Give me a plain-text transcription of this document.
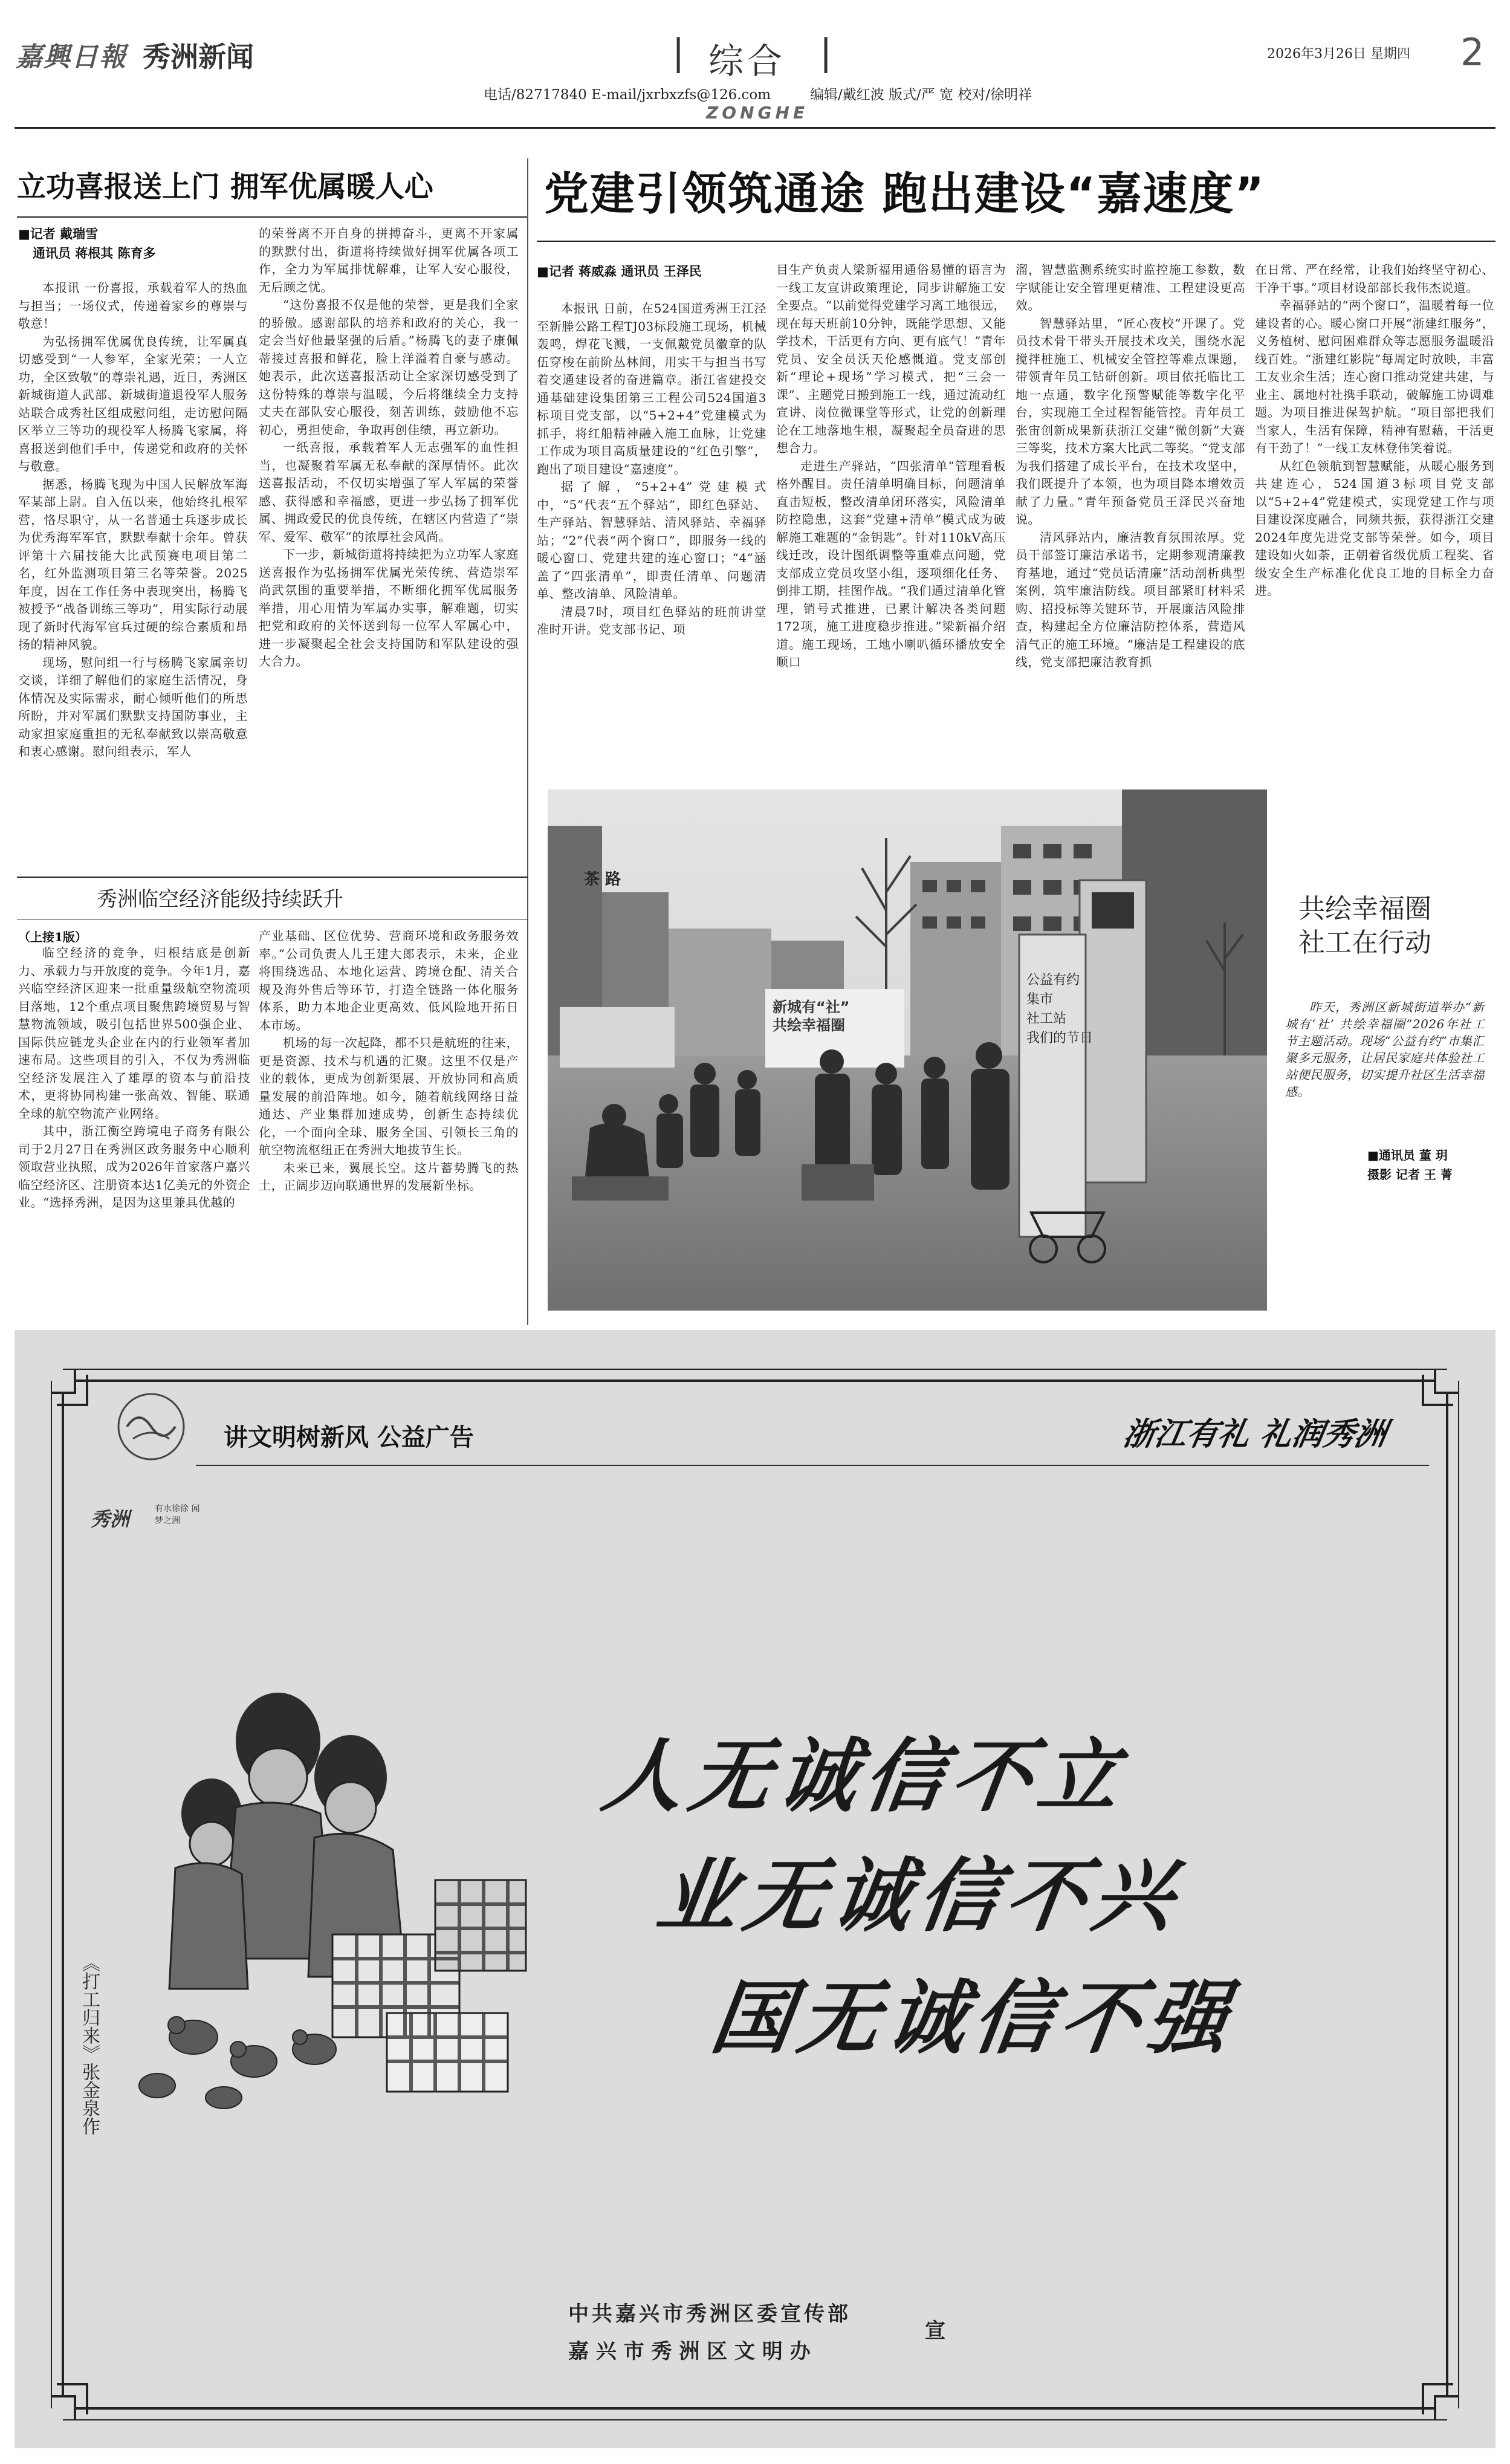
嘉興日報 秀洲新闻	| 综合 |	2026年3月26日 星期四 2
电话/82717840 E-mail/jxrbxzfs@126.com	编辑/戴红波 版式/严 宽 校对/徐明祥
ZONGHE
立功喜报送上门 拥军优属暖人心
■记者 戴瑞雪
通讯员 蒋根其 陈育多

本报讯 一份喜报，承载着军人的热血与担当；一场仪式，传递着家乡的尊崇与敬意！

为弘扬拥军优属优良传统，让军属真切感受到“一人参军，全家光荣；一人立功，全区致敬”的尊崇礼遇，近日，秀洲区新城街道人武部、新城街道退役军人服务站联合成秀社区组成慰问组，走访慰问隔区举立三等功的现役军人杨腾飞家属，将喜报送到他们手中，传递党和政府的关怀与敬意。

据悉，杨腾飞现为中国人民解放军海军某部上尉。自入伍以来，他始终扎根军营，恪尽职守，从一名普通士兵逐步成长为优秀海军军官，默默奉献十余年。曾获评第十六届技能大比武预赛电项目第二名，红外监测项目第三名等荣誉。2025年度，因在工作任务中表现突出，杨腾飞被授予“战备训练三等功”，用实际行动展现了新时代海军官兵过硬的综合素质和昂扬的精神风貌。

现场，慰问组一行与杨腾飞家属亲切交谈，详细了解他们的家庭生活情况，身体情况及实际需求，耐心倾听他们的所思所盼，并对军属们默默支持国防事业，主动家担家庭重担的无私奉献致以崇高敬意和衷心感谢。慰问组表示，军人

的荣誉离不开自身的拼搏奋斗，更离不开家属的默默付出，街道将持续做好拥军优属各项工作，全力为军属排忧解难，让军人安心服役，无后顾之忧。

“这份喜报不仅是他的荣誉，更是我们全家的骄傲。感谢部队的培养和政府的关心，我一定会当好他最坚强的后盾。”杨腾飞的妻子康佩蒂接过喜报和鲜花，脸上洋溢着自豪与感动。她表示，此次送喜报活动让全家深切感受到了这份特殊的尊崇与温暖，今后将继续全力支持丈夫在部队安心服役，刻苦训练，鼓励他不忘初心，勇担使命，争取再创佳绩，再立新功。

一纸喜报，承载着军人无志强军的血性担当，也凝聚着军属无私奉献的深厚情怀。此次送喜报活动，不仅切实增强了军人军属的荣誉感、获得感和幸福感，更进一步弘扬了拥军优属、拥政爱民的优良传统，在辖区内营造了“崇军、爱军、敬军”的浓厚社会风尚。

下一步，新城街道将持续把为立功军人家庭送喜报作为弘扬拥军优属光荣传统、营造崇军尚武氛围的重要举措，不断细化拥军优属服务举措，用心用情为军属办实事，解难题，切实把党和政府的关怀送到每一位军人军属心中，进一步凝聚起全社会支持国防和军队建设的强大合力。

秀洲临空经济能级持续跃升
（上接1版）

临空经济的竞争，归根结底是创新力、承载力与开放度的竞争。今年1月，嘉兴临空经济区迎来一批重量级航空物流项目落地，12个重点项目聚焦跨境贸易与智慧物流领域，吸引包括世界500强企业、国际供应链龙头企业在内的行业领军者加速布局。这些项目的引入，不仅为秀洲临空经济发展注入了雄厚的资本与前沿技术，更将协同构建一张高效、智能、联通全球的航空物流产业网络。

其中，浙江衡空跨境电子商务有限公司于2月27日在秀洲区政务服务中心顺利领取营业执照，成为2026年首家落户嘉兴临空经济区、注册资本达1亿美元的外资企业。“选择秀洲，是因为这里兼具优越的

产业基础、区位优势、营商环境和政务服务效率。”公司负责人儿王建大郎表示，未来，企业将围绕选品、本地化运营、跨境仓配、清关合规及海外售后等环节，打造全链路一体化服务体系，助力本地企业更高效、低风险地开拓日本市场。

机场的每一次起降，都不只是航班的往来，更是资源、技术与机遇的汇聚。这里不仅是产业的载体，更成为创新渠展、开放协同和高质量发展的前沿阵地。如今，随着航线网络日益通达、产业集群加速成势，创新生态持续优化，一个面向全球、服务全国、引领长三角的航空物流枢纽正在秀洲大地拔节生长。

未来已来，翼展长空。这片蓄势腾飞的热土，正阔步迈向联通世界的发展新坐标。

党建引领筑通途 跑出建设“嘉速度”
■记者 蒋威淼 通讯员 王泽民

本报讯 日前，在524国道秀洲王江泾至新塍公路工程TJ03标段施工现场，机械轰鸣，焊花飞溅，一支佩戴党员徽章的队伍穿梭在前阶丛林间，用实干与担当书写着交通建设者的奋进篇章。浙江省建投交通基础建设集团第三工程公司524国道3标项目党支部，以“5+2+4”党建模式为抓手，将红船精神融入施工血脉，让党建工作成为项目高质量建设的“红色引擎”，跑出了项目建设“嘉速度”。

据了解，“5+2+4”党建模式中，“5”代表“五个驿站”，即红色驿站、生产驿站、智慧驿站、清风驿站、幸福驿站；“2”代表“两个窗口”，即服务一线的暖心窗口、党建共建的连心窗口；“4”涵盖了“四张清单”，即责任清单、问题清单、整改清单、风险清单。

清晨7时，项目红色驿站的班前讲堂准时开讲。党支部书记、项

目生产负责人梁新福用通俗易懂的语言为一线工友宣讲政策理论，同步讲解施工安全要点。“以前觉得党建学习离工地很远，现在每天班前10分钟，既能学思想、又能学技术，干活更有方向、更有底气！”青年党员、安全员沃天伦感慨道。党支部创新“理论+现场”学习模式，把“三会一课”、主题党日搬到施工一线，通过流动红宣讲、岗位微课堂等形式，让党的创新理论在工地落地生根，凝聚起全员奋进的思想合力。

走进生产驿站，“四张清单”管理看板格外醒目。责任清单明确目标，问题清单直击短板，整改清单闭环落实，风险清单防控隐患，这套“党建+清单”模式成为破解施工难题的“金钥匙”。针对110kV高压线迁改，设计图纸调整等重难点问题，党支部成立党员攻坚小组，逐项细化任务、倒排工期，挂图作战。“我们通过清单化管理，销号式推进，已累计解决各类问题172项，施工进度稳步推进。”梁新福介绍道。施工现场，工地小喇叭循环播放安全顺口

溜，智慧监测系统实时监控施工参数，数字赋能让安全管理更精准、工程建设更高效。

智慧驿站里，“匠心夜校”开课了。党员技术骨干带头开展技术攻关，围绕水泥搅拌桩施工、机械安全管控等难点课题，带领青年员工钻研创新。项目依托临比工地一点通，数字化预警赋能等数字化平台，实现施工全过程智能管控。青年员工张宙创新成果新获浙江交建“微创新”大赛三等奖，技术方案大比武二等奖。“党支部为我们搭建了成长平台，在技术攻坚中，我们既提升了本领，也为项目降本增效贡献了力量。”青年预备党员王泽民兴奋地说。

清风驿站内，廉洁教育氛围浓厚。党员干部签订廉洁承诺书，定期参观清廉教育基地，通过“党员话清廉”活动剖析典型案例，筑牢廉洁防线。项目部紧盯材料采购、招投标等关键环节，开展廉洁风险排查，构建起全方位廉洁防控体系，营造风清气正的施工环境。“廉洁是工程建设的底线，党支部把廉洁教育抓

在日常、严在经常，让我们始终坚守初心、干净干事。”项目材设部部长我伟杰说道。

幸福驿站的“两个窗口”，温暖着每一位建设者的心。暖心窗口开展“浙建红服务”，义务植树、慰问困难群众等志愿服务温暖沿线百姓。“浙建红影院”每周定时放映，丰富工友业余生活；连心窗口推动党建共建，与业主、属地村社携手联动，破解施工协调难题。为项目推进保驾护航。“项目部把我们当家人，生活有保障，精神有慰藉，干活更有干劲了！”一线工友林登伟笑着说。

从红色领航到智慧赋能，从暖心服务到共建连心，524国道3标项目党支部以“5+2+4”党建模式，实现党建工作与项目建设深度融合，同频共振，获得浙江交建2024年度先进党支部等荣誉。如今，项目建设如火如荼，正朝着省级优质工程奖、省级安全生产标准化优良工地的目标全力奋进。

茶 路
新城有“社”
共绘幸福圈
公益有约
集市
社工站
我们的节日
共绘幸福圈
社工在行动

昨天，秀洲区新城街道举办“新城有‘社’ 共绘幸福圈”2026年社工节主题活动。现场“公益有约”市集汇聚多元服务，让居民家庭共体验社工站便民服务，切实提升社区生活幸福感。

■通讯员 董 玥
摄影 记者 王 菁
讲文明树新风 公益广告	浙江有礼 礼润秀洲
秀洲	有水徐徐 闻梦之洲
人无诚信不立
业无诚信不兴
国无诚信不强
《打工归来》张金泉作
中共嘉兴市秀洲区委宣传部
嘉 兴 市 秀 洲 区 文 明 办
宣
